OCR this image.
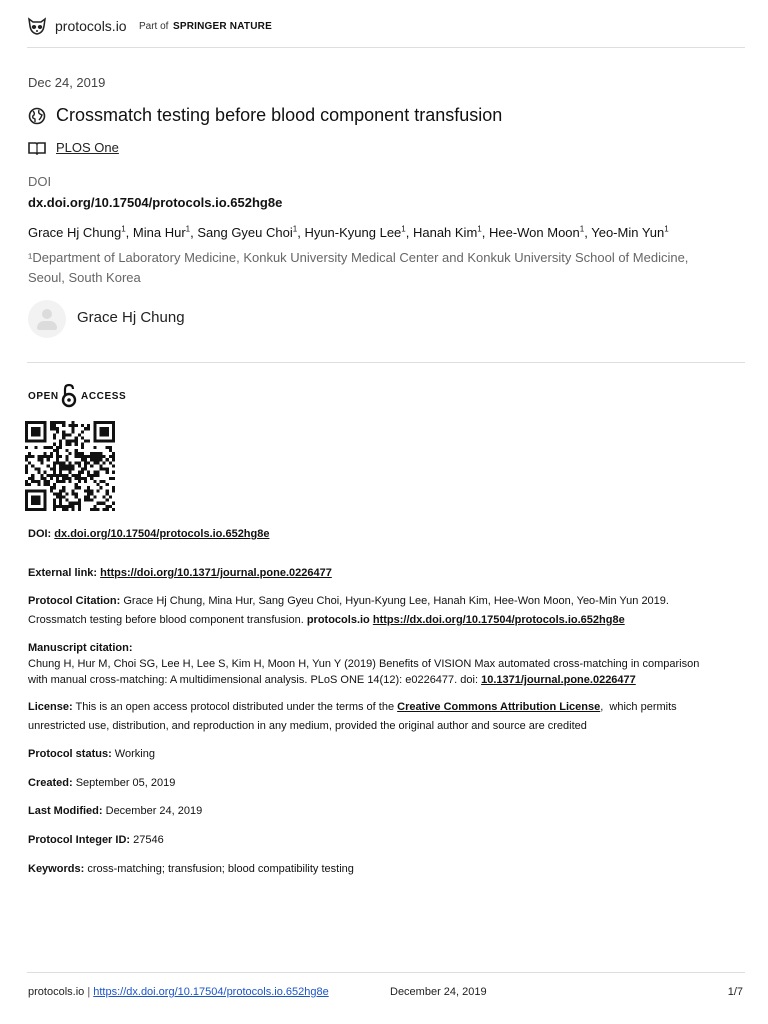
protocols.io Part of SPRINGER NATURE
Dec 24, 2019
Crossmatch testing before blood component transfusion
PLOS One
DOI
dx.doi.org/10.17504/protocols.io.652hg8e
Grace Hj Chung$^1$, Mina Hur$^1$, Sang Gyeu Choi$^1$, Hyun-Kyung Lee$^1$, Hanah Kim$^1$, Hee-Won Moon$^1$, Yeo-Min Yun$^1$
¹Department of Laboratory Medicine, Konkuk University Medical Center and Konkuk University School of Medicine,
Seoul, South Korea
Grace Hj Chung
OPEN ACCESS
DOI: dx.doi.org/10.17504/protocols.io.652hg8e
External link: https://doi.org/10.1371/journal.pone.0226477
Protocol Citation: Grace Hj Chung, Mina Hur, Sang Gyeu Choi, Hyun-Kyung Lee, Hanah Kim, Hee-Won Moon, Yeo-Min Yun 2019.
Crossmatch testing before blood component transfusion. protocols.io https://dx.doi.org/10.17504/protocols.io.652hg8e
Manuscript citation:
Chung H, Hur M, Choi SG, Lee H, Lee S, Kim H, Moon H, Yun Y (2019) Benefits of VISION Max automated cross-matching in comparison
with manual cross-matching: A multidimensional analysis. PLoS ONE 14(12): e0226477. doi: 10.1371/journal.pone.0226477
License: This is an open access protocol distributed under the terms of the Creative Commons Attribution License,  which permits
unrestricted use, distribution, and reproduction in any medium, provided the original author and source are credited
Protocol status: Working
Created: September 05, 2019
Last Modified: December 24, 2019
Protocol Integer ID: 27546
Keywords: cross-matching; transfusion; blood compatibility testing
protocols.io | https://dx.doi.org/10.17504/protocols.io.652hg8e	December 24, 2019	1/7
